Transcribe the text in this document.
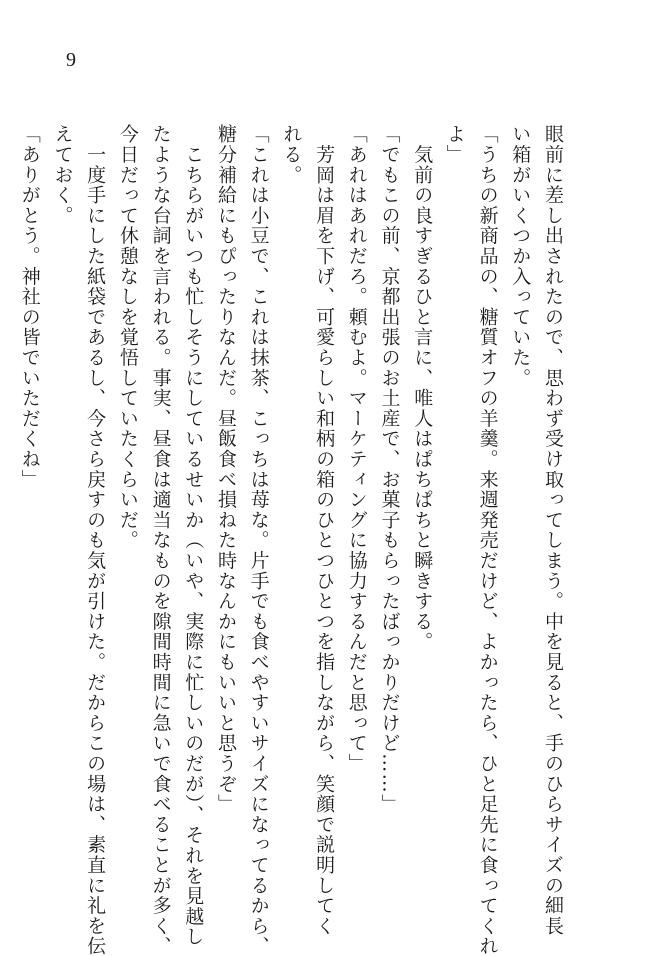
9
眼前に差し出されたので、思わず受け取ってしまう。中を見ると、手のひらサイズの細長
い箱がいくつか入っていた。
「うちの新商品の、糖質オフの羊羹。来週発売だけど、よかったら、ひと足先に食ってくれ
よ」
　気前の良すぎるひと言に、唯人はぱちぱちと瞬きする。
「でもこの前、京都出張のお土産で、お菓子もらったばっかりだけど……」
「あれはあれだろ。頼むよ。マーケティングに協力するんだと思って」
　芳岡は眉を下げ、可愛らしい和柄の箱のひとつひとつを指しながら、笑顔で説明してく
れる。
「これは小豆で、これは抹茶、こっちは苺な。片手でも食べやすいサイズになってるから、
糖分補給にもぴったりなんだ。昼飯食べ損ねた時なんかにもいいと思うぞ」
　こちらがいつも忙しそうにしているせいか（いや、実際に忙しいのだが）、それを見越し
たような台詞を言われる。事実、昼食は適当なものを隙間時間に急いで食べることが多く、
今日だって休憩なしを覚悟していたくらいだ。
　一度手にした紙袋であるし、今さら戻すのも気が引けた。だからこの場は、素直に礼を伝
えておく。
「ありがとう。神社の皆でいただくね」
